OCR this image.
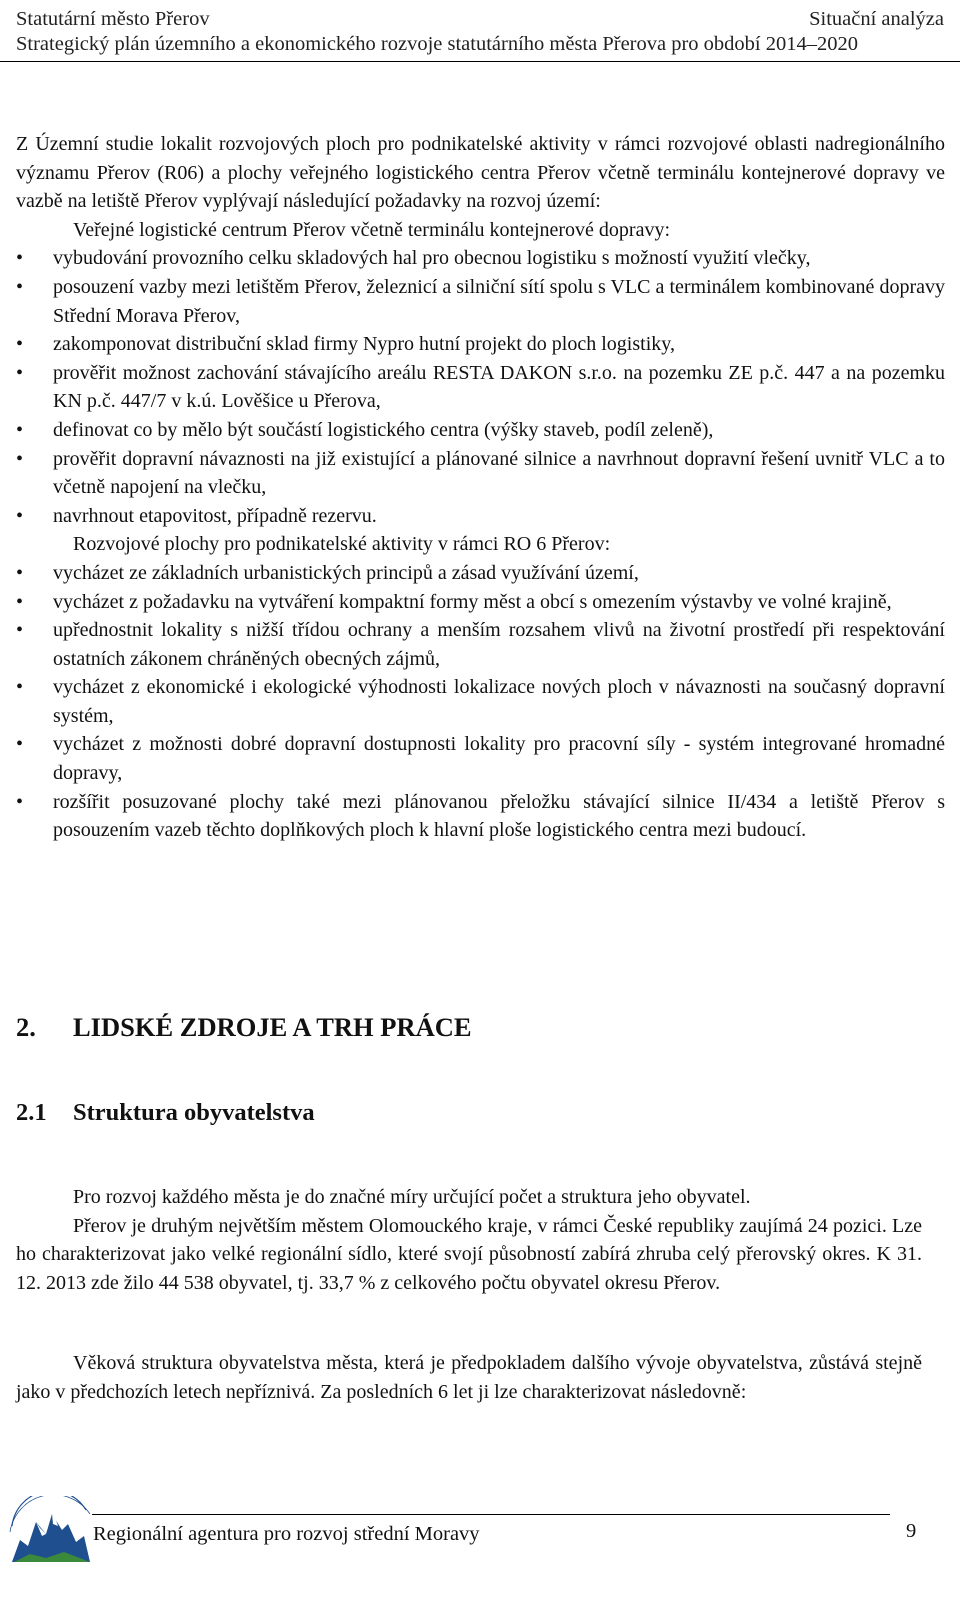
Statutární město Přerov	Situační analýza
Strategický plán územního a ekonomického rozvoje statutárního města Přerova pro období 2014–2020

Z Územní studie lokalit rozvojových ploch pro podnikatelské aktivity v rámci rozvojové oblasti nadregionálního významu Přerov (R06) a plochy veřejného logistického centra Přerov včetně terminálu kontejnerové dopravy ve vazbě na letiště Přerov vyplývají následující požadavky na rozvoj území:

Veřejné logistické centrum Přerov včetně terminálu kontejnerové dopravy:

•	vybudování provozního celku skladových hal pro obecnou logistiku s možností využití vlečky,
•	posouzení vazby mezi letištěm Přerov, železnicí a silniční sítí spolu s VLC a terminálem kombinované dopravy Střední Morava Přerov,
•	zakomponovat distribuční sklad firmy Nypro hutní projekt do ploch logistiky,
•	prověřit možnost zachování stávajícího areálu RESTA DAKON s.r.o. na pozemku ZE p.č. 447 a na pozemku KN p.č. 447/7 v k.ú. Lověšice u Přerova,
•	definovat co by mělo být součástí logistického centra (výšky staveb, podíl zeleně),
•	prověřit dopravní návaznosti na již existující a plánované silnice a navrhnout dopravní řešení uvnitř VLC a to včetně napojení na vlečku,
•	navrhnout etapovitost, případně rezervu.

Rozvojové plochy pro podnikatelské aktivity v rámci RO 6 Přerov:

•	vycházet ze základních urbanistických principů a zásad využívání území,
•	vycházet z požadavku na vytváření kompaktní formy měst a obcí s omezením výstavby ve volné krajině,
•	upřednostnit lokality s nižší třídou ochrany a menším rozsahem vlivů na životní prostředí při respektování ostatních zákonem chráněných obecných zájmů,
•	vycházet z ekonomické i ekologické výhodnosti lokalizace nových ploch v návaznosti na současný dopravní systém,
•	vycházet z možnosti dobré dopravní dostupnosti lokality pro pracovní síly - systém integrované hromadné dopravy,
•	rozšířit posuzované plochy také mezi plánovanou přeložku stávající silnice II/434 a letiště Přerov s posouzením vazeb těchto doplňkových ploch k hlavní ploše logistického centra mezi budoucí.
2. LIDSKÉ ZDROJE A TRH PRÁCE
2.1 Struktura obyvatelstva

Pro rozvoj každého města je do značné míry určující počet a struktura jeho obyvatel.

Přerov je druhým největším městem Olomouckého kraje, v rámci České republiky zaujímá 24 pozici. Lze ho charakterizovat jako velké regionální sídlo, které svojí působností zabírá zhruba celý přerovský okres. K 31. 12. 2013 zde žilo 44 538 obyvatel, tj. 33,7 % z celkového počtu obyvatel okresu Přerov.

Věková struktura obyvatelstva města, která je předpokladem dalšího vývoje obyvatelstva, zůstává stejně jako v předchozích letech nepříznivá. Za posledních 6 let ji lze charakterizovat následovně:

Regionální agentura pro rozvoj střední Moravy	9
